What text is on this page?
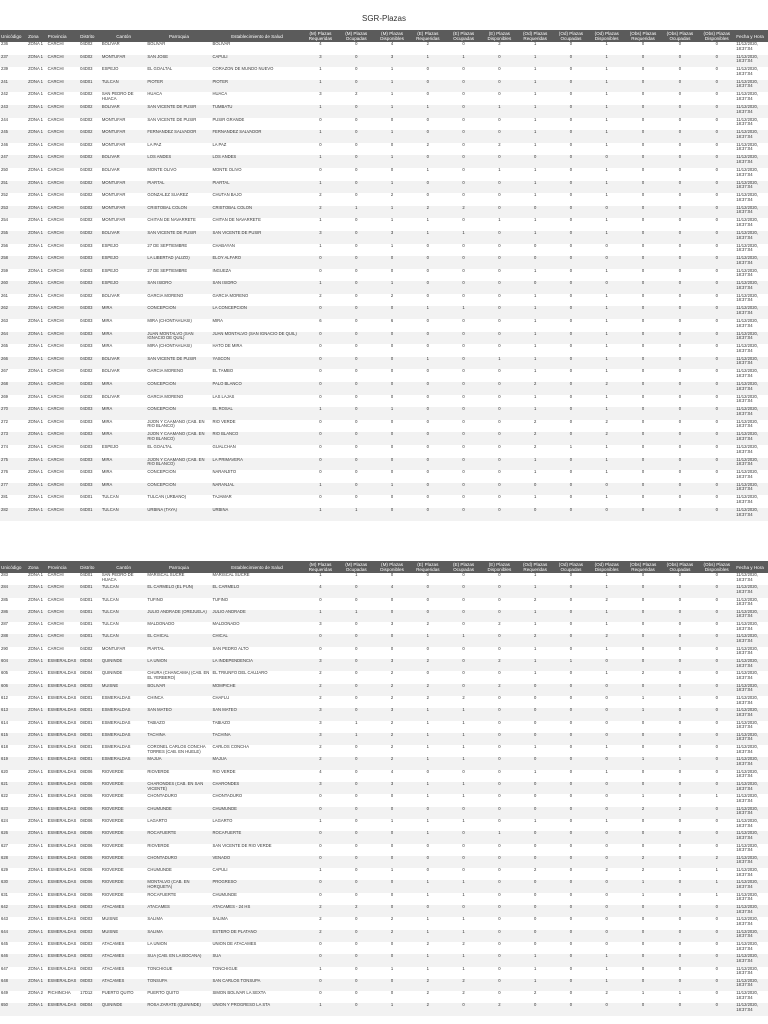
SGR-Plazas
Unicódigo	Zona	Provincia	Distrito	Cantón	Parroquia	Establecimiento de Salud	(M) Plazas Requeridas	(M) Plazas Ocupadas	(M) Plazas Disponibles	(E) Plazas Requeridas	(E) Plazas Ocupadas	(E) Plazas Disponibles	(Od) Plazas Requeridas	(Od) Plazas Ocupadas	(Od) Plazas Disponibles	(Obs) Plazas Requeridas	(Obs) Plazas Ocupadas	(Obs) Plazas Disponibles	Fecha y Hora
236	ZONA 1	CARCHI	04D02	BOLIVAR	BOLIVAR	BOLIVAR	4	0	4	2	0	2	1	0	1	0	0	0	11/12/2020, 18:37:04
237	ZONA 1	CARCHI	04D02	MONTUFAR	SAN JOSE	CAPULI	3	0	3	1	1	0	1	0	1	0	0	0	11/12/2020, 18:37:04
239	ZONA 1	CARCHI	04D03	ESPEJO	EL GOALTAL	CORAZON DE MUNDO NUEVO	1	0	1	0	0	0	1	0	1	0	0	0	11/12/2020, 18:37:04
241	ZONA 1	CARCHI	04D01	TULCAN	PIOTER	PIOTER	1	0	1	0	0	0	1	0	1	0	0	0	11/12/2020, 18:37:04
242	ZONA 1	CARCHI	04D02	SAN PEDRO DE HUACA	HUACA	HUACA	3	2	1	0	0	0	1	0	1	0	0	0	11/12/2020, 18:37:04
243	ZONA 1	CARCHI	04D02	BOLIVAR	SAN VICENTE DE PUSIR	TUMBATU	1	0	1	1	0	1	1	0	1	0	0	0	11/12/2020, 18:37:04
244	ZONA 1	CARCHI	04D02	MONTUFAR	SAN VICENTE DE PUSIR	PUSIR GRANDE	0	0	0	0	0	0	1	0	1	0	0	0	11/12/2020, 18:37:04
245	ZONA 1	CARCHI	04D02	MONTUFAR	FERNANDEZ SALVADOR	FERNANDEZ SALVADOR	1	0	1	0	0	0	1	0	1	0	0	0	11/12/2020, 18:37:04
246	ZONA 1	CARCHI	04D02	MONTUFAR	LA PAZ	LA PAZ	0	0	0	2	0	2	1	0	1	0	0	0	11/12/2020, 18:37:04
247	ZONA 1	CARCHI	04D02	BOLIVAR	LOS ANDES	LOS ANDES	1	0	1	0	0	0	0	0	0	0	0	0	11/12/2020, 18:37:04
250	ZONA 1	CARCHI	04D02	BOLIVAR	MONTE OLIVO	MONTE OLIVO	0	0	0	1	0	1	1	0	1	0	0	0	11/12/2020, 18:37:04
251	ZONA 1	CARCHI	04D02	MONTUFAR	PIARTAL	PIARTAL	1	0	1	0	0	0	1	0	1	0	0	0	11/12/2020, 18:37:04
252	ZONA 1	CARCHI	04D02	MONTUFAR	GONZALEZ SUAREZ	CHUTAN BAJO	2	0	2	0	0	0	1	0	1	0	0	0	11/12/2020, 18:37:04
253	ZONA 1	CARCHI	04D02	MONTUFAR	CRISTOBAL COLON	CRISTOBAL COLON	2	1	1	2	2	0	0	0	0	0	0	0	11/12/2020, 18:37:04
254	ZONA 1	CARCHI	04D02	MONTUFAR	CHITAN DE NAVARRETE	CHITAN DE NAVARRETE	1	0	1	1	0	1	1	0	1	0	0	0	11/12/2020, 18:37:04
255	ZONA 1	CARCHI	04D02	BOLIVAR	SAN VICENTE DE PUSIR	SAN VICENTE DE PUSIR	3	0	3	1	1	0	1	0	1	0	0	0	11/12/2020, 18:37:04
256	ZONA 1	CARCHI	04D03	ESPEJO	27 DE SEPTIEMBRE	CHABAYAN	1	0	1	0	0	0	0	0	0	0	0	0	11/12/2020, 18:37:04
258	ZONA 1	CARCHI	04D03	ESPEJO	LA LIBERTAD (ALIZO)	ELOY ALFARO	0	0	0	0	0	0	0	0	0	0	0	0	11/12/2020, 18:37:04
259	ZONA 1	CARCHI	04D03	ESPEJO	27 DE SEPTIEMBRE	INGUEZA	0	0	0	0	0	0	1	0	1	0	0	0	11/12/2020, 18:37:04
260	ZONA 1	CARCHI	04D03	ESPEJO	SAN ISIDRO	SAN ISIDRO	1	0	1	0	0	0	0	0	0	0	0	0	11/12/2020, 18:37:04
261	ZONA 1	CARCHI	04D02	BOLIVAR	GARCIA MORENO	GARCIA MORENO	2	0	2	0	0	0	1	0	1	0	0	0	11/12/2020, 18:37:04
262	ZONA 1	CARCHI	04D03	MIRA	CONCEPCION	LA CONCEPCION	0	0	0	1	1	0	1	0	1	0	0	0	11/12/2020, 18:37:04
263	ZONA 1	CARCHI	04D03	MIRA	MIRA (CHONTAHUASI)	MIRA	6	0	6	0	0	0	1	0	1	0	0	0	11/12/2020, 18:37:04
264	ZONA 1	CARCHI	04D03	MIRA	JUAN MONTALVO (SAN IGNACIO DE QUIL)	JUAN MONTALVO (SAN IGNACIO DE QUIL)	0	0	0	0	0	0	1	0	1	0	0	0	11/12/2020, 18:37:04
265	ZONA 1	CARCHI	04D03	MIRA	MIRA (CHONTAHUASI)	HATO DE MIRA	0	0	0	0	0	0	1	0	1	0	0	0	11/12/2020, 18:37:04
266	ZONA 1	CARCHI	04D02	BOLIVAR	SAN VICENTE DE PUSIR	YASCON	0	0	0	1	0	1	1	0	1	0	0	0	11/12/2020, 18:37:04
267	ZONA 1	CARCHI	04D02	BOLIVAR	GARCIA MORENO	EL TAMBO	0	0	0	0	0	0	1	0	1	0	0	0	11/12/2020, 18:37:04
268	ZONA 1	CARCHI	04D03	MIRA	CONCEPCION	PALO BLANCO	0	0	0	0	0	0	2	0	2	0	0	0	11/12/2020, 18:37:04
269	ZONA 1	CARCHI	04D02	BOLIVAR	GARCIA MORENO	LAS LAJAS	0	0	0	0	0	0	1	0	1	0	0	0	11/12/2020, 18:37:04
270	ZONA 1	CARCHI	04D03	MIRA	CONCEPCION	EL ROSAL	1	0	1	0	0	0	1	0	1	0	0	0	11/12/2020, 18:37:04
272	ZONA 1	CARCHI	04D03	MIRA	JIJON Y CAAMAÑO (CAB. EN RIO BLANCO)	RIO VERDE	0	0	0	0	0	0	2	0	2	0	0	0	11/12/2020, 18:37:04
273	ZONA 1	CARCHI	04D03	MIRA	JIJON Y CAAMAÑO (CAB. EN RIO BLANCO)	RIO BLANCO	0	0	0	0	0	0	2	0	2	0	0	0	11/12/2020, 18:37:04
274	ZONA 1	CARCHI	04D03	ESPEJO	EL GOALTAL	GUALCHAN	0	0	0	0	0	0	2	1	1	0	0	0	11/12/2020, 18:37:04
275	ZONA 1	CARCHI	04D03	MIRA	JIJON Y CAAMAÑO (CAB. EN RIO BLANCO)	LA PRIMAVERA	0	0	0	0	0	0	1	0	1	0	0	0	11/12/2020, 18:37:04
276	ZONA 1	CARCHI	04D03	MIRA	CONCEPCION	NARANJITO	0	0	0	0	0	0	1	0	1	0	0	0	11/12/2020, 18:37:04
277	ZONA 1	CARCHI	04D03	MIRA	CONCEPCION	NARANJAL	1	0	1	0	0	0	0	0	0	0	0	0	11/12/2020, 18:37:04
281	ZONA 1	CARCHI	04D01	TULCAN	TULCAN (URBANO)	TAJAMAR	0	0	0	0	0	0	1	0	1	0	0	0	11/12/2020, 18:37:04
282	ZONA 1	CARCHI	04D01	TULCAN	URBINA (TAYA)	URBINA	1	1	0	0	0	0	0	0	0	0	0	0	11/12/2020, 18:37:04
Unicódigo	Zona	Provincia	Distrito	Cantón	Parroquia	Establecimiento de Salud	(M) Plazas Requeridas	(M) Plazas Ocupadas	(M) Plazas Disponibles	(E) Plazas Requeridas	(E) Plazas Ocupadas	(E) Plazas Disponibles	(Od) Plazas Requeridas	(Od) Plazas Ocupadas	(Od) Plazas Disponibles	(Obs) Plazas Requeridas	(Obs) Plazas Ocupadas	(Obs) Plazas Disponibles	Fecha y Hora
283	ZONA 1	CARCHI	04D01	SAN PEDRO DE HUACA	MARISCAL SUCRE	MARISCAL SUCRE	1	1	0	0	0	0	1	0	1	0	0	0	11/12/2020, 18:37:04
284	ZONA 1	CARCHI	04D01	TULCAN	EL CARMELO (EL PUN)	EL CARMELO	4	0	4	0	0	0	1	0	1	0	0	0	11/12/2020, 18:37:04
285	ZONA 1	CARCHI	04D01	TULCAN	TUFIÑO	TUFIÑO	0	0	0	0	0	0	2	0	2	0	0	0	11/12/2020, 18:37:04
286	ZONA 1	CARCHI	04D01	TULCAN	JULIO ANDRADE (OREJUELA)	JULIO ANDRADE	1	1	0	0	0	0	1	0	1	0	0	0	11/12/2020, 18:37:04
287	ZONA 1	CARCHI	04D01	TULCAN	MALDONADO	MALDONADO	3	0	3	2	0	2	1	0	1	0	0	0	11/12/2020, 18:37:04
288	ZONA 1	CARCHI	04D01	TULCAN	EL CHICAL	CHICAL	0	0	0	1	1	0	2	0	2	0	0	0	11/12/2020, 18:37:04
290	ZONA 1	CARCHI	04D02	MONTUFAR	PIARTAL	SAN PEDRO ALTO	0	0	0	0	0	0	1	0	1	0	0	0	11/12/2020, 18:37:04
604	ZONA 1	ESMERALDAS	08D04	QUININDE	LA UNION	LA INDEPENDENCIA	3	0	3	2	0	2	1	1	0	0	0	0	11/12/2020, 18:37:04
605	ZONA 1	ESMERALDAS	08D04	QUININDE	CHURA (CHANCAMA) (CAB. EN EL YERBERO)	EL TRIUNFO DEL CAUJARO	2	0	2	0	0	0	1	0	1	2	0	0	11/12/2020, 18:37:04
606	ZONA 1	ESMERALDAS	08D03	MUISNE	BOLIVAR	MOMPICHE	2	0	2	2	0	2	0	0	0	0	0	0	11/12/2020, 18:37:04
612	ZONA 1	ESMERALDAS	08D01	ESMERALDAS	CHINCA	CHAFLU	2	0	2	2	2	0	0	0	0	1	1	0	11/12/2020, 18:37:04
613	ZONA 1	ESMERALDAS	08D01	ESMERALDAS	SAN MATEO	SAN MATEO	3	0	3	1	1	0	0	0	0	1	0	0	11/12/2020, 18:37:04
614	ZONA 1	ESMERALDAS	08D01	ESMERALDAS	TABIAZO	TABIAZO	3	1	2	1	1	0	0	0	0	0	0	0	11/12/2020, 18:37:04
615	ZONA 1	ESMERALDAS	08D01	ESMERALDAS	TACHINA	TACHINA	3	1	2	1	1	0	0	0	0	0	0	0	11/12/2020, 18:37:04
618	ZONA 1	ESMERALDAS	08D01	ESMERALDAS	CORONEL CARLOS CONCHA TORRES (CAB. EN HUELE)	CARLOS CONCHA	2	0	2	1	1	0	1	0	1	0	0	0	11/12/2020, 18:37:04
619	ZONA 1	ESMERALDAS	08D01	ESMERALDAS	MAJUA	MAJUA	2	0	2	1	1	0	0	0	0	1	1	0	11/12/2020, 18:37:04
620	ZONA 1	ESMERALDAS	08D06	RIOVERDE	RIOVERDE	RIO VERDE	4	0	4	0	0	0	1	0	1	0	0	0	11/12/2020, 18:37:04
621	ZONA 1	ESMERALDAS	08D06	RIOVERDE	CHARONDES (CAB. EN SAN VICENTE)	CHARONDES	3	0	3	1	1	0	0	0	0	0	0	0	11/12/2020, 18:37:04
622	ZONA 1	ESMERALDAS	08D06	RIOVERDE	CHONTADURO	CHONTADURO	0	0	0	1	1	0	0	0	0	1	0	1	11/12/2020, 18:37:04
623	ZONA 1	ESMERALDAS	08D06	RIOVERDE	CHUMUNDE	CHUMUNDE	0	0	0	0	0	0	0	0	0	2	2	0	11/12/2020, 18:37:04
624	ZONA 1	ESMERALDAS	08D06	RIOVERDE	LAGARTO	LAGARTO	1	0	1	1	1	0	1	0	1	0	0	0	11/12/2020, 18:37:04
626	ZONA 1	ESMERALDAS	08D06	RIOVERDE	ROCAFUERTE	ROCAFUERTE	0	0	0	1	0	1	0	0	0	0	0	0	11/12/2020, 18:37:04
627	ZONA 1	ESMERALDAS	08D06	RIOVERDE	RIOVERDE	SAN VICENTE DE RIO VERDE	0	0	0	0	0	0	0	0	0	0	0	0	11/12/2020, 18:37:04
628	ZONA 1	ESMERALDAS	08D06	RIOVERDE	CHONTADURO	VENADO	0	0	0	0	0	0	0	0	0	2	0	2	11/12/2020, 18:37:04
629	ZONA 1	ESMERALDAS	08D06	RIOVERDE	CHUMUNDE	CAPULI	1	0	1	0	0	0	2	0	2	2	1	1	11/12/2020, 18:37:04
630	ZONA 1	ESMERALDAS	08D06	RIOVERDE	MONTALVO (CAB. EN HORQUETA)	PROGRESO	0	0	0	1	1	0	0	0	0	1	0	1	11/12/2020, 18:37:04
631	ZONA 1	ESMERALDAS	08D06	RIOVERDE	ROCAFUERTE	CHUMUNDE	0	0	0	1	1	0	0	0	0	1	0	1	11/12/2020, 18:37:04
642	ZONA 1	ESMERALDAS	08D03	ATACAMES	ATACAMES	ATACAMES - 24 HS	2	2	0	0	0	0	0	0	0	0	0	0	11/12/2020, 18:37:04
643	ZONA 1	ESMERALDAS	08D03	MUISNE	SALIMA	SALIMA	2	0	2	1	1	0	0	0	0	0	0	0	11/12/2020, 18:37:04
644	ZONA 1	ESMERALDAS	08D03	MUISNE	SALIMA	ESTERO DE PLATANO	2	0	2	1	1	0	0	0	0	0	0	0	11/12/2020, 18:37:04
645	ZONA 1	ESMERALDAS	08D03	ATACAMES	LA UNION	UNION DE ATACAMES	0	0	0	2	2	0	0	0	0	0	0	0	11/12/2020, 18:37:04
646	ZONA 1	ESMERALDAS	08D03	ATACAMES	SUA (CAB. EN LA BOCANA)	SUA	0	0	0	1	1	0	1	0	1	0	0	0	11/12/2020, 18:37:04
647	ZONA 1	ESMERALDAS	08D03	ATACAMES	TONCHIGUE	TONCHIGUE	1	0	1	1	1	0	1	0	1	0	0	0	11/12/2020, 18:37:04
648	ZONA 1	ESMERALDAS	08D03	ATACAMES	TONSUPA	SAN CARLOS TONSUPA	0	0	0	2	2	0	1	0	1	0	0	0	11/12/2020, 18:37:04
649	ZONA 2	PICHINCHA	17D12	PUERTO QUITO	PUERTO QUITO	SIMON BOLIVAR LA SEXTA	0	0	0	2	2	0	2	0	2	1	1	0	11/12/2020, 18:37:04
650	ZONA 1	ESMERALDAS	08D04	QUININDE	ROSA ZARATE (QUININDE)	UNION Y PROGRESO LA STA	1	0	1	2	0	2	0	0	0	0	0	0	11/12/2020, 18:37:04
